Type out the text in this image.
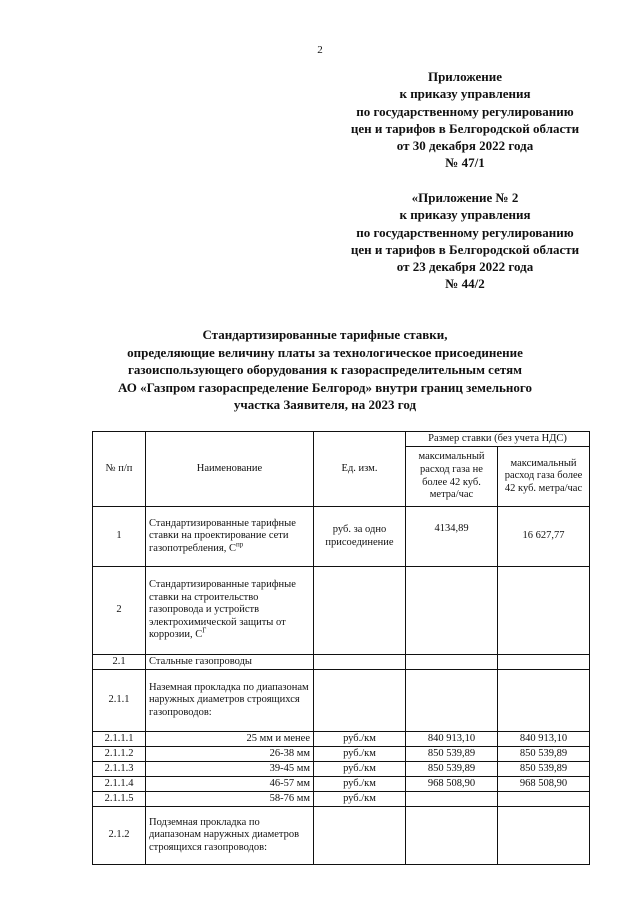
2
Приложение
к приказу управления
по государственному регулированию
цен и тарифов в Белгородской области
от 30 декабря 2022 года
№ 47/1
«Приложение № 2
к приказу управления
по государственному регулированию
цен и тарифов в Белгородской области
от 23 декабря 2022 года
№ 44/2
Стандартизированные тарифные ставки,
определяющие величину платы за технологическое присоединение
газоиспользующего оборудования к газораспределительным сетям
АО «Газпром газораспределение Белгород» внутри границ земельного
участка Заявителя, на 2023 год
№ п/п	Наименование	Ед. изм.	Размер ставки (без учета НДС)	
			максимальный расход газа не более 42 куб. метра/час	максимальный расход газа более 42 куб. метра/час
1	Стандартизированные тарифные ставки на проектирование сети газопотребления, $С^{пр}$	руб. за одно присоединение	4134,89	16 627,77
2	Стандартизированные тарифные ставки на строительство газопровода и устройств электрохимической защиты от коррозии, $С^Г$			
2.1	Стальные газопроводы			
2.1.1	Наземная прокладка по диапазонам наружных диаметров строящихся газопроводов:			
2.1.1.1	25 мм и менее	руб./км	840 913,10	840 913,10
2.1.1.2	26-38 мм	руб./км	850 539,89	850 539,89
2.1.1.3	39-45 мм	руб./км	850 539,89	850 539,89
2.1.1.4	46-57 мм	руб./км	968 508,90	968 508,90
2.1.1.5	58-76 мм	руб./км		
2.1.2	Подземная прокладка по диапазонам наружных диаметров строящихся газопроводов:			
